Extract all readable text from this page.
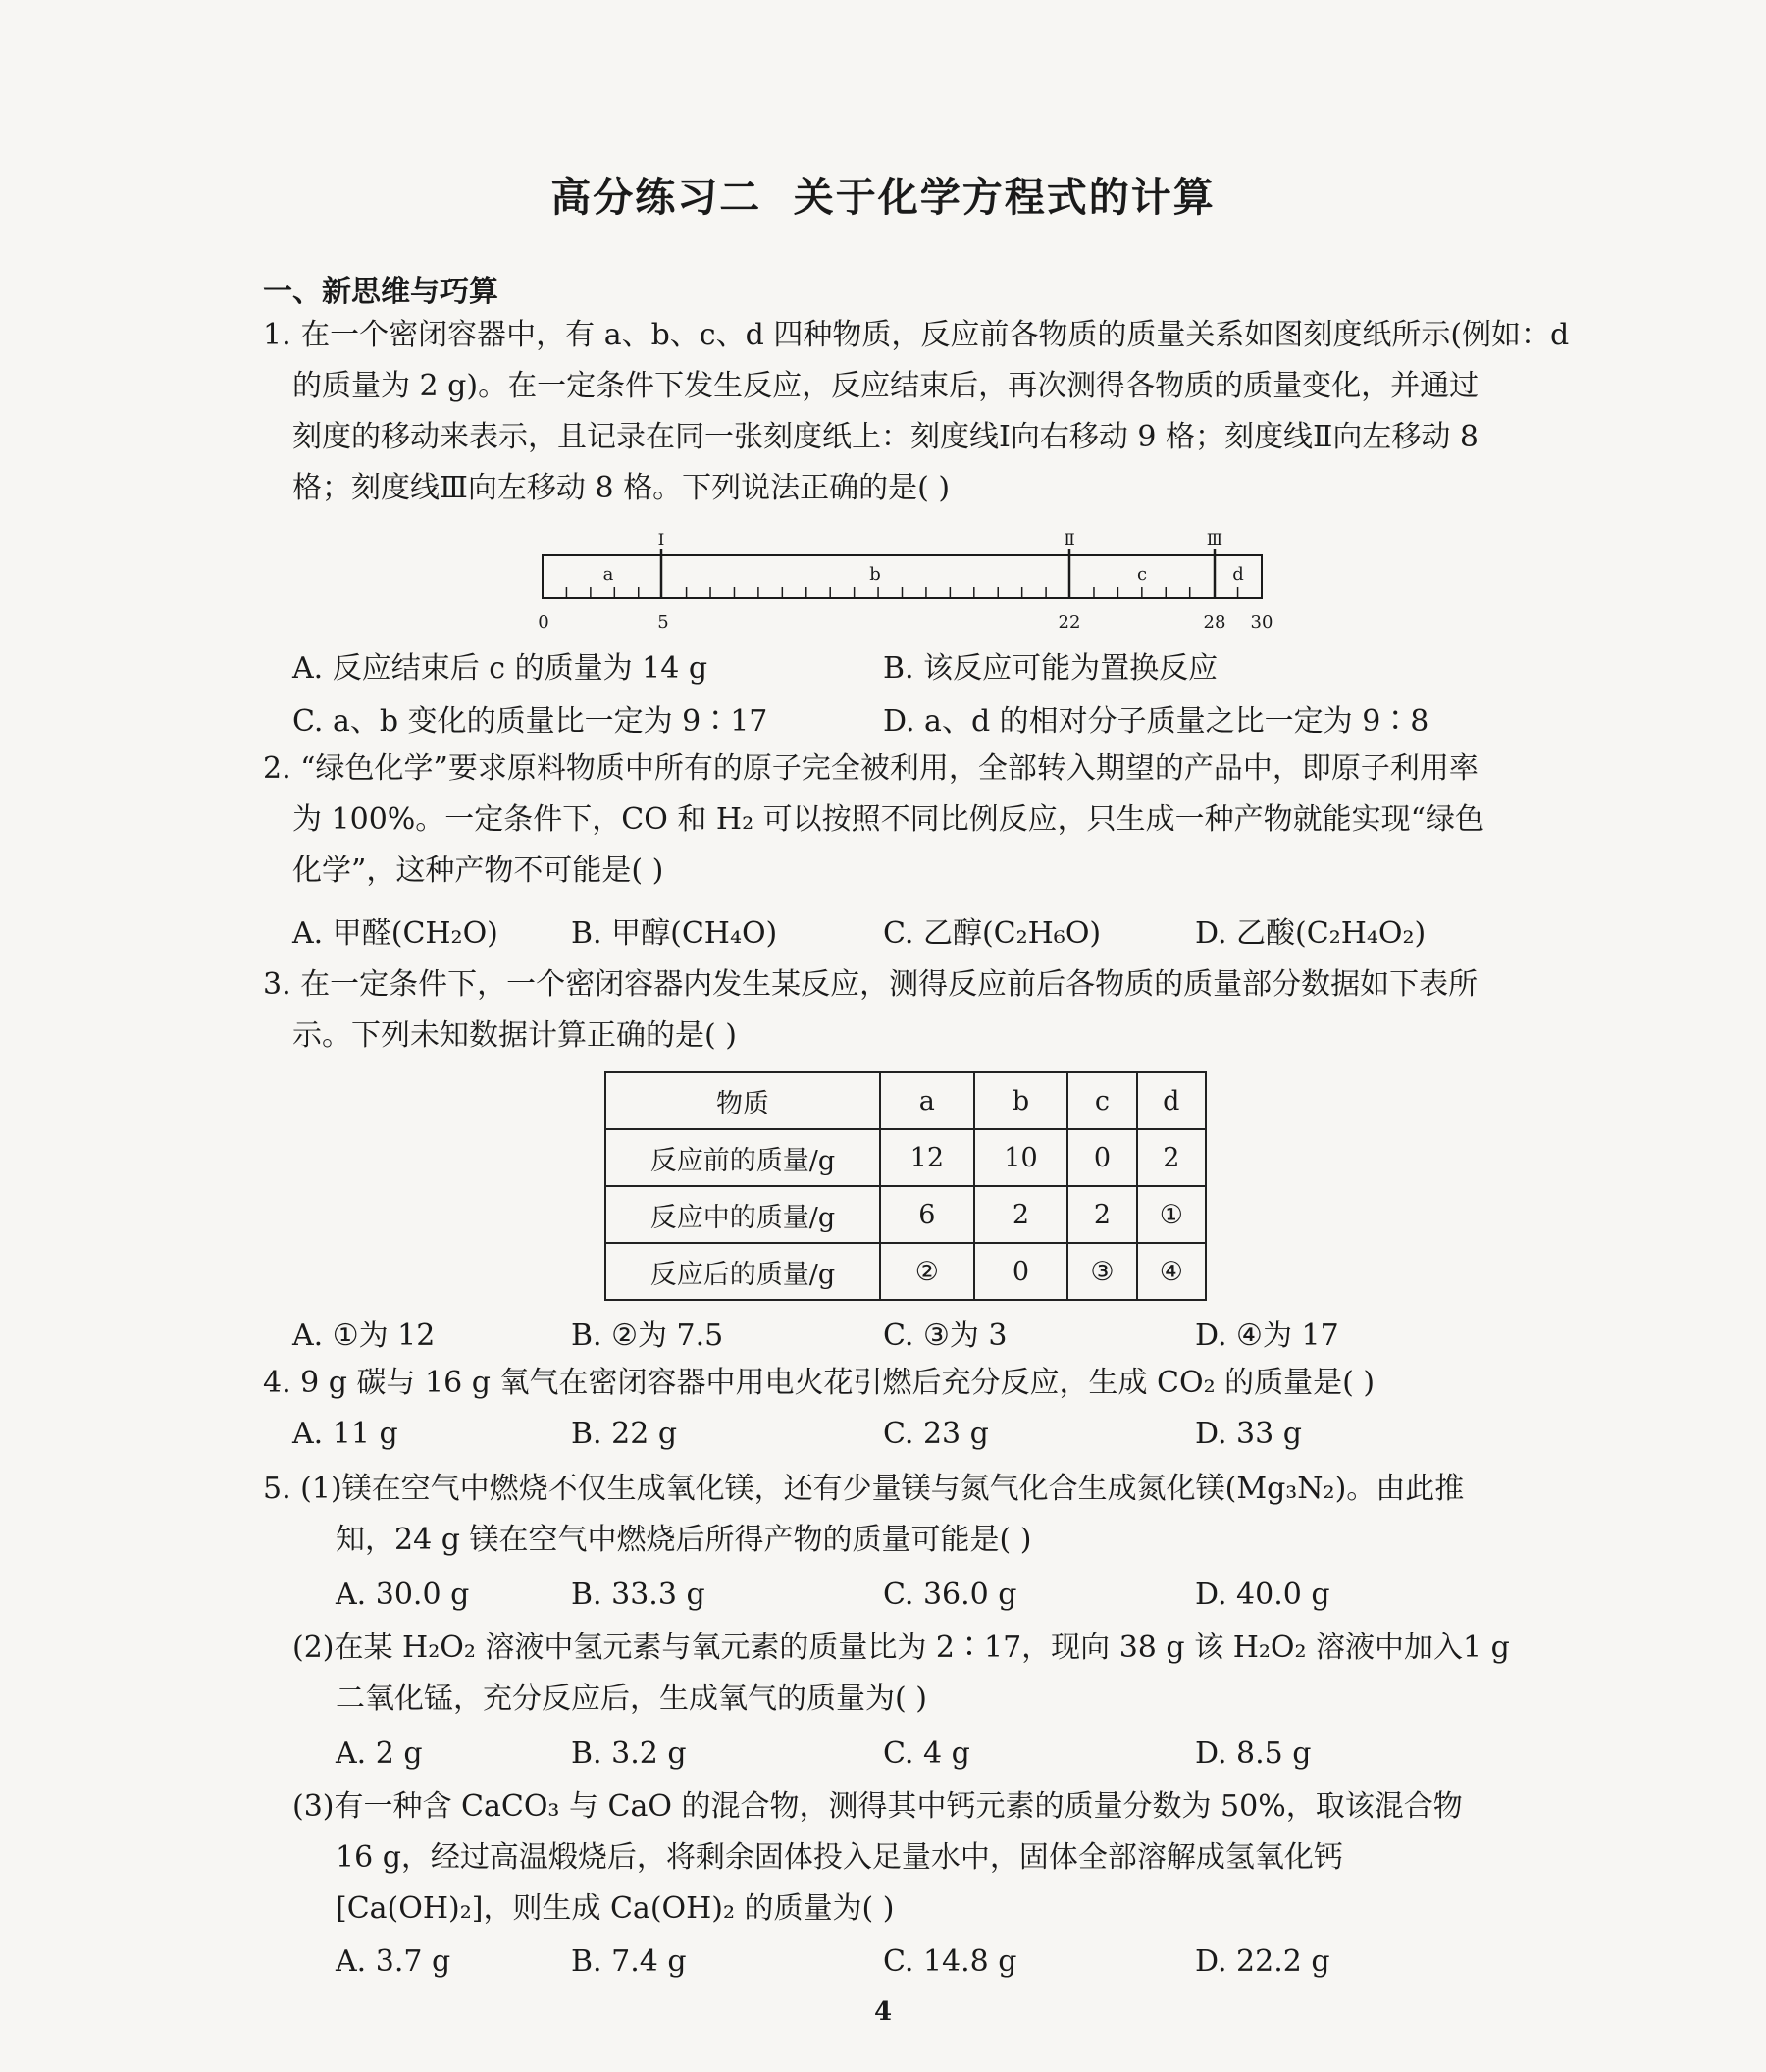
高分练习二  关于化学方程式的计算
一、新思维与巧算
1. 在一个密闭容器中，有 a、b、c、d 四种物质，反应前各物质的质量关系如图刻度纸所示(例如：d
的质量为 2 g)。在一定条件下发生反应，反应结束后，再次测得各物质的质量变化，并通过
刻度的移动来表示，且记录在同一张刻度纸上：刻度线Ⅰ向右移动 9 格；刻度线Ⅱ向左移动 8
格；刻度线Ⅲ向左移动 8 格。下列说法正确的是( )
Ⅰ	Ⅱ	Ⅲ
a	b	c	d
0	5	22	28 30
A. 反应结束后 c 的质量为 14 g	B. 该反应可能为置换反应
C. a、b 变化的质量比一定为 9∶17	D. a、d 的相对分子质量之比一定为 9∶8
2. “绿色化学”要求原料物质中所有的原子完全被利用，全部转入期望的产品中，即原子利用率
为 100%。一定条件下，CO 和 H₂ 可以按照不同比例反应，只生成一种产物就能实现“绿色
化学”，这种产物不可能是( )
A. 甲醛(CH₂O) B. 甲醇(CH₄O)	C. 乙醇(C₂H₆O)	D. 乙酸(C₂H₄O₂)
3. 在一定条件下，一个密闭容器内发生某反应，测得反应前后各物质的质量部分数据如下表所
示。下列未知数据计算正确的是( )
物质	a	b	c	d
反应前的质量/g	12	10	0	2
反应中的质量/g	6	2	2	①
反应后的质量/g	②	0	③	④
A. ①为 12	B. ②为 7.5	C. ③为 3	D. ④为 17
4. 9 g 碳与 16 g 氧气在密闭容器中用电火花引燃后充分反应，生成 CO₂ 的质量是( )
A. 11 g	B. 22 g	C. 23 g	D. 33 g
5. (1)镁在空气中燃烧不仅生成氧化镁，还有少量镁与氮气化合生成氮化镁(Mg₃N₂)。由此推
知，24 g 镁在空气中燃烧后所得产物的质量可能是( )
A. 30.0 g	B. 33.3 g	C. 36.0 g	D. 40.0 g
(2)在某 H₂O₂ 溶液中氢元素与氧元素的质量比为 2∶17，现向 38 g 该 H₂O₂ 溶液中加入1 g
二氧化锰，充分反应后，生成氧气的质量为( )
A. 2 g	B. 3.2 g	C. 4 g	D. 8.5 g
(3)有一种含 CaCO₃ 与 CaO 的混合物，测得其中钙元素的质量分数为 50%，取该混合物
16 g，经过高温煅烧后，将剩余固体投入足量水中，固体全部溶解成氢氧化钙
[Ca(OH)₂]，则生成 Ca(OH)₂ 的质量为( )
A. 3.7 g	B. 7.4 g	C. 14.8 g	D. 22.2 g
4
